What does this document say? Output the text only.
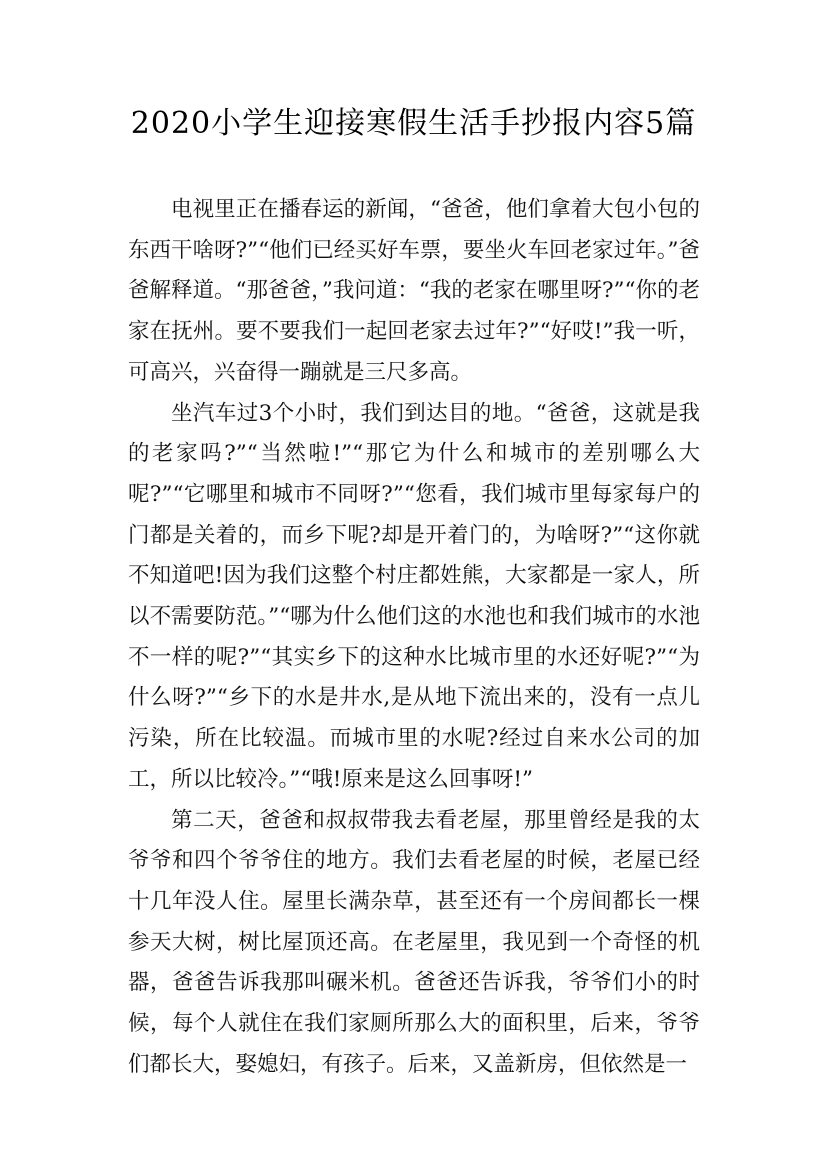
2020小学生迎接寒假生活手抄报内容5篇

电视里正在播春运的新闻，“爸爸，他们拿着大包小包的东西干啥呀?”“他们已经买好车票，要坐火车回老家过年。”爸爸解释道。“那爸爸，”我问道：“我的老家在哪里呀?”“你的老家在抚州。要不要我们一起回老家去过年?”“好哎!”我一听，可高兴，兴奋得一蹦就是三尺多高。

坐汽车过3个小时，我们到达目的地。“爸爸，这就是我的老家吗?”“当然啦!”“那它为什么和城市的差别哪么大呢?”“它哪里和城市不同呀?”“您看，我们城市里每家每户的门都是关着的，而乡下呢?却是开着门的，为啥呀?”“这你就不知道吧!因为我们这整个村庄都姓熊，大家都是一家人，所以不需要防范。”“哪为什么他们这的水池也和我们城市的水池不一样的呢?”“其实乡下的这种水比城市里的水还好呢?”“为什么呀?”“乡下的水是井水,是从地下流出来的，没有一点儿污染，所在比较温。而城市里的水呢?经过自来水公司的加工，所以比较冷。”“哦!原来是这么回事呀!”

第二天，爸爸和叔叔带我去看老屋，那里曾经是我的太爷爷和四个爷爷住的地方。我们去看老屋的时候，老屋已经十几年没人住。屋里长满杂草，甚至还有一个房间都长一棵参天大树，树比屋顶还高。在老屋里，我见到一个奇怪的机器，爸爸告诉我那叫碾米机。爸爸还告诉我，爷爷们小的时候，每个人就住在我们家厕所那么大的面积里，后来，爷爷们都长大，娶媳妇，有孩子。后来，又盖新房，但依然是一
